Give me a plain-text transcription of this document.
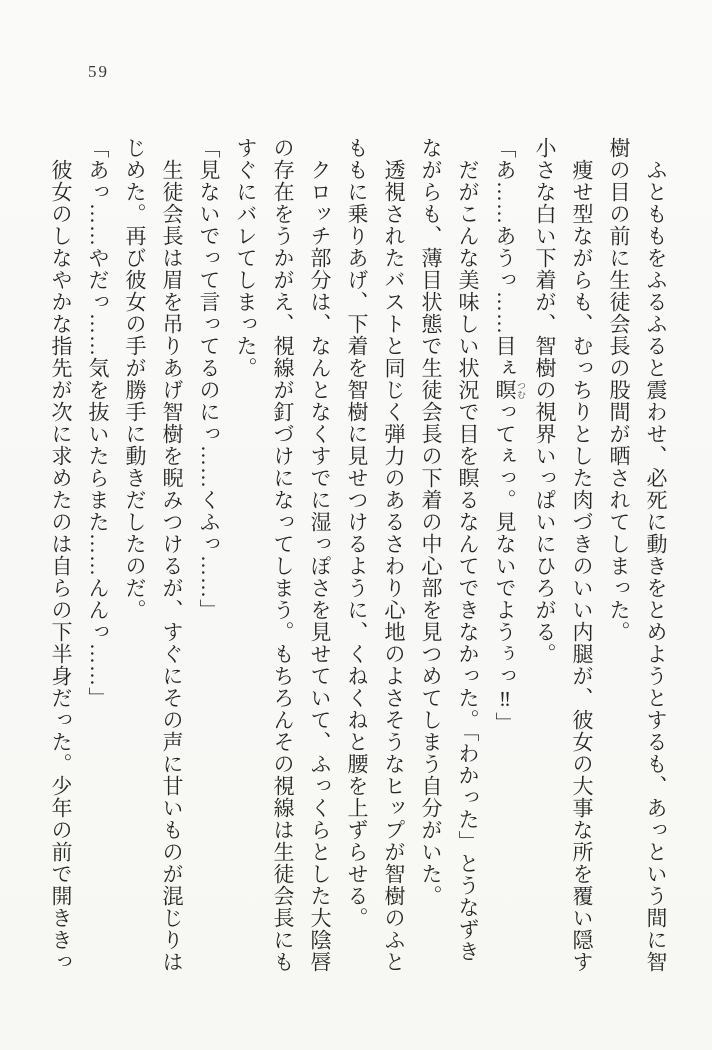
59

　ふとももをふるふると震わせ、必死に動きをとめようとするも、あっという間に智

樹の目の前に生徒会長の股間が晒されてしまった。

　痩せ型ながらも、むっちりとした肉づきのいい内腿が、彼女の大事な所を覆い隠す

小さな白い下着が、智樹の視界いっぱいにひろがる。

「あ……あうっ……目ぇ瞑 つむってぇっ。見ないでようぅっ‼」

　だがこんな美味しい状況で目を瞑るなんてできなかった。「わかった」とうなずき

ながらも、薄目状態で生徒会長の下着の中心部を見つめてしまう自分がいた。

　透視されたバストと同じく弾力のあるさわり心地のよさそうなヒップが智樹のふと

ももに乗りあげ、下着を智樹に見せつけるように、くねくねと腰を上ずらせる。

　クロッチ部分は、なんとなくすでに湿っぽさを見せていて、ふっくらとした大陰唇

の存在をうかがえ、視線が釘づけになってしまう。もちろんその視線は生徒会長にも

すぐにバレてしまった。

「見ないでって言ってるのにっ……くふっ……」

　生徒会長は眉を吊りあげ智樹を睨みつけるが、すぐにその声に甘いものが混じりは

じめた。再び彼女の手が勝手に動きだしたのだ。

「あっ……やだっ……気を抜いたらまた……んんっ……」

　彼女のしなやかな指先が次に求めたのは自らの下半身だった。少年の前で開ききっ
